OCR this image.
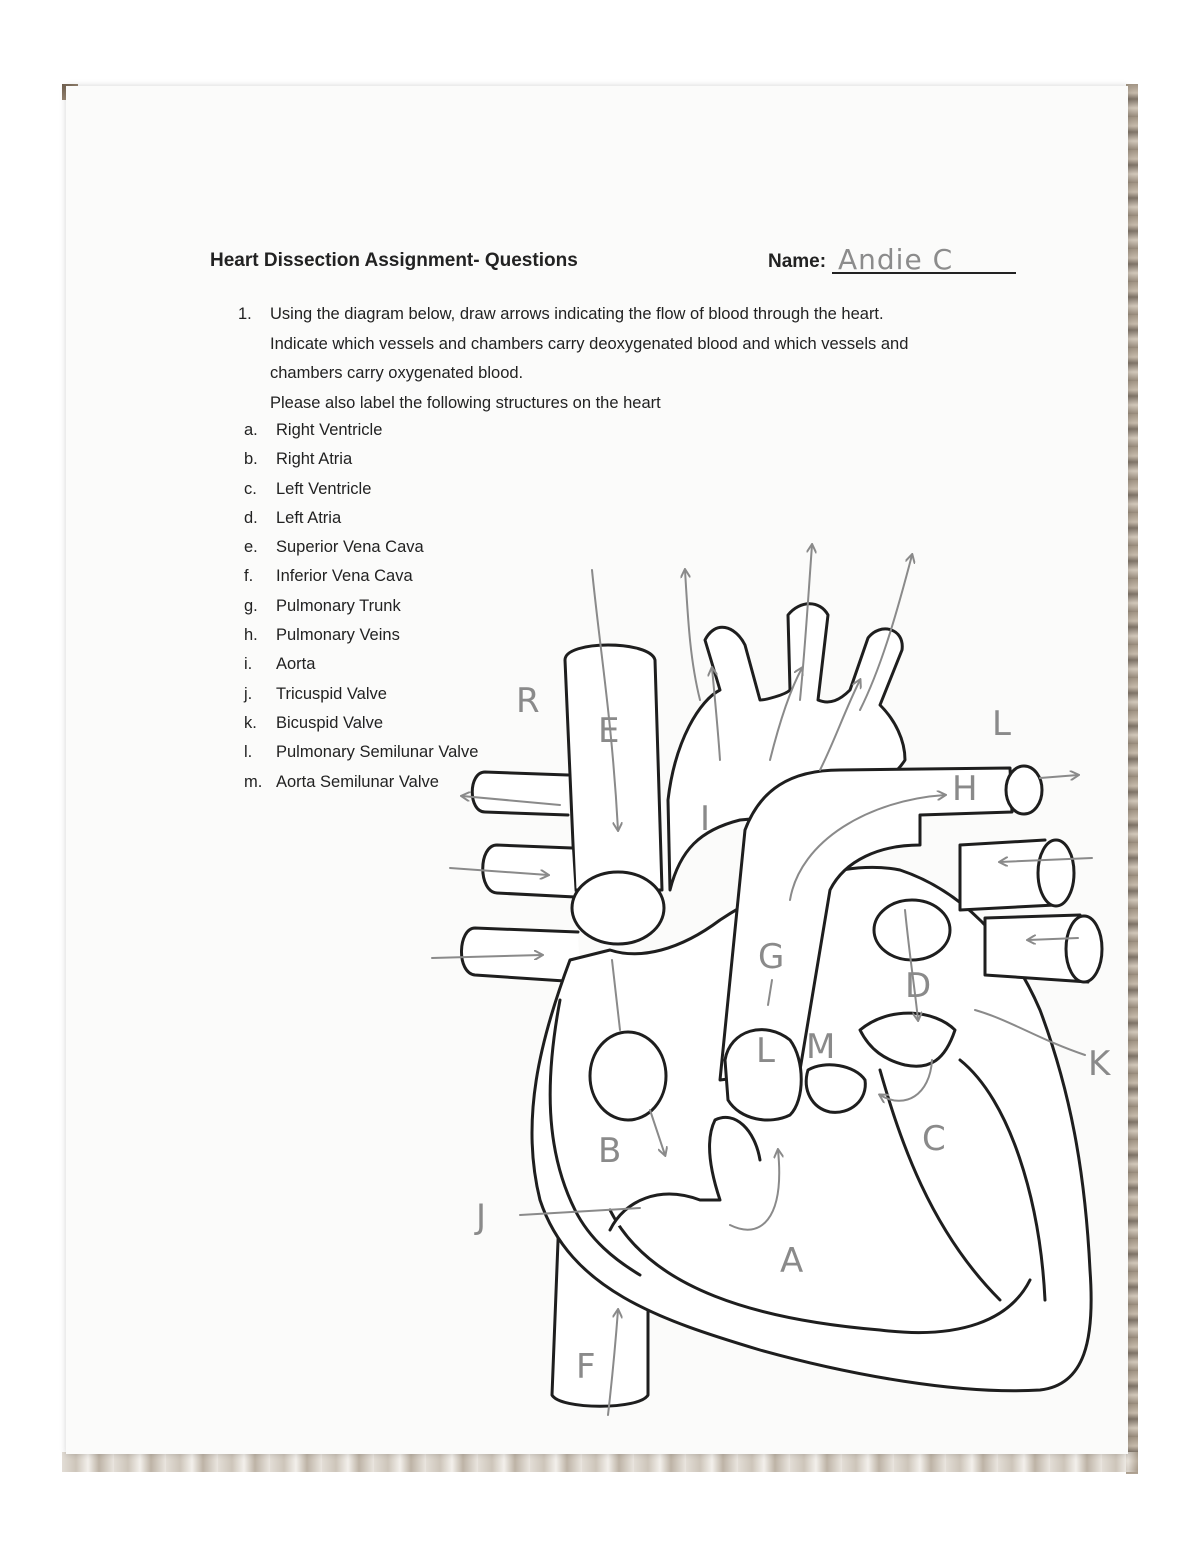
Heart Dissection Assignment- Questions	Name: Andie C
1. Using the diagram below, draw arrows indicating the flow of blood through the heart.
Indicate which vessels and chambers carry deoxygenated blood and which vessels and
chambers carry oxygenated blood.
Please also label the following structures on the heart
a.	Right Ventricle
b.	Right Atria
c.	Left Ventricle
d.	Left Atria
e.	Superior Vena Cava
f.	Inferior Vena Cava
g.	Pulmonary Trunk
h.	Pulmonary Veins
i.	Aorta
j.	Tricuspid Valve
k.	Bicuspid Valve
l.	Pulmonary Semilunar Valve
m. Aorta Semilunar Valve
R
L
E
I
H
G
D
K
L M
C
B
A
J
F
